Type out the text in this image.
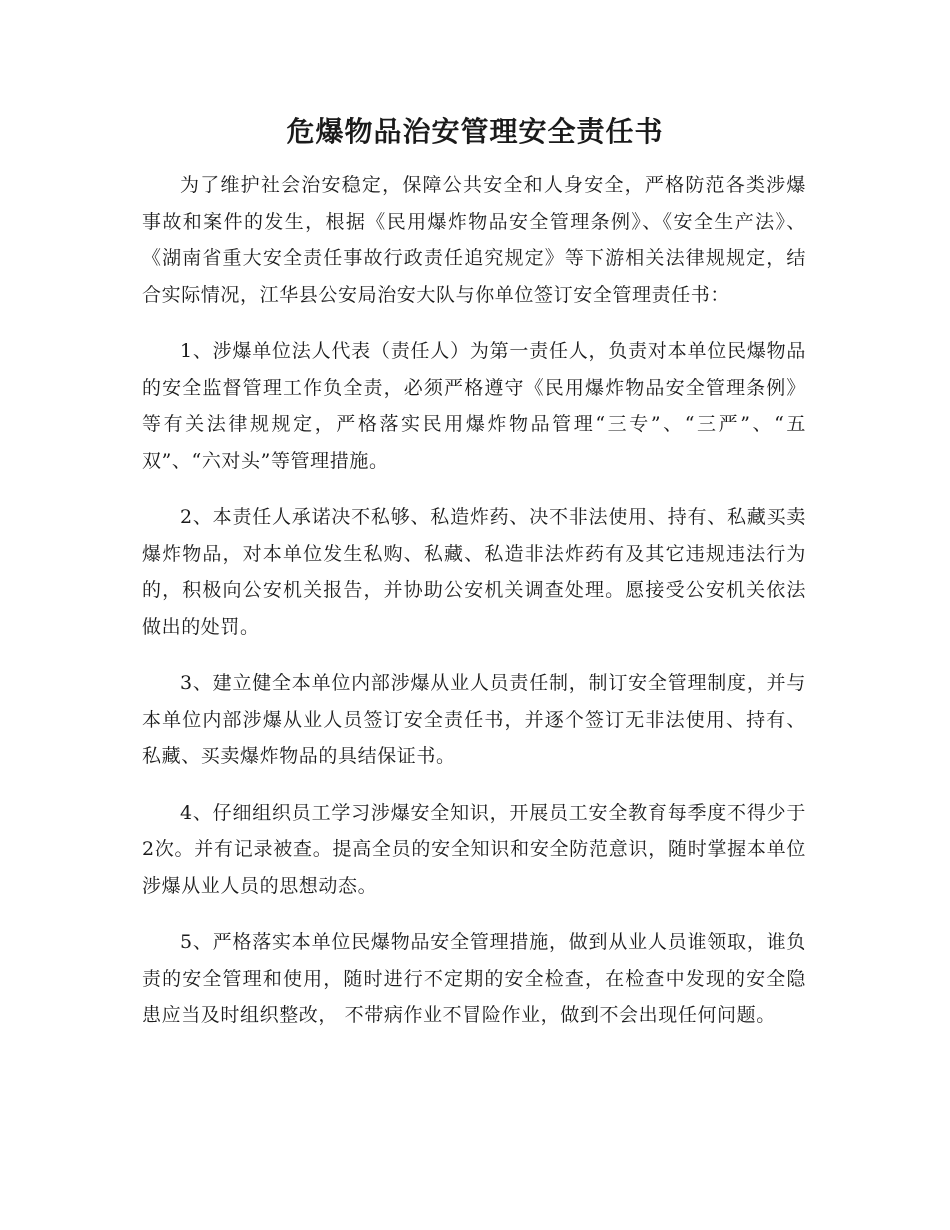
危爆物品治安管理安全责任书

为了维护社会治安稳定，保障公共安全和人身安全，严格防范各类涉爆事故和案件的发生，根据《民用爆炸物品安全管理条例》、《安全生产法》、《湖南省重大安全责任事故行政责任追究规定》等下游相关法律规规定，结合实际情况，江华县公安局治安大队与你单位签订安全管理责任书：

1、涉爆单位法人代表（责任人）为第一责任人，负责对本单位民爆物品的安全监督管理工作负全责，必须严格遵守《民用爆炸物品安全管理条例》等有关法律规规定，严格落实民用爆炸物品管理“三专”、“三严”、“五双”、“六对头”等管理措施。

2、本责任人承诺决不私够、私造炸药、决不非法使用、持有、私藏买卖爆炸物品，对本单位发生私购、私藏、私造非法炸药有及其它违规违法行为的，积极向公安机关报告，并协助公安机关调查处理。愿接受公安机关依法做出的处罚。

3、建立健全本单位内部涉爆从业人员责任制，制订安全管理制度，并与本单位内部涉爆从业人员签订安全责任书，并逐个签订无非法使用、持有、私藏、买卖爆炸物品的具结保证书。

4、仔细组织员工学习涉爆安全知识，开展员工安全教育每季度不得少于2次。并有记录被查。提高全员的安全知识和安全防范意识，随时掌握本单位涉爆从业人员的思想动态。

5、严格落实本单位民爆物品安全管理措施，做到从业人员谁领取，谁负责的安全管理和使用，随时进行不定期的安全检查，在检查中发现的安全隐患应当及时组织整改， 不带病作业不冒险作业，做到不会出现任何问题。
